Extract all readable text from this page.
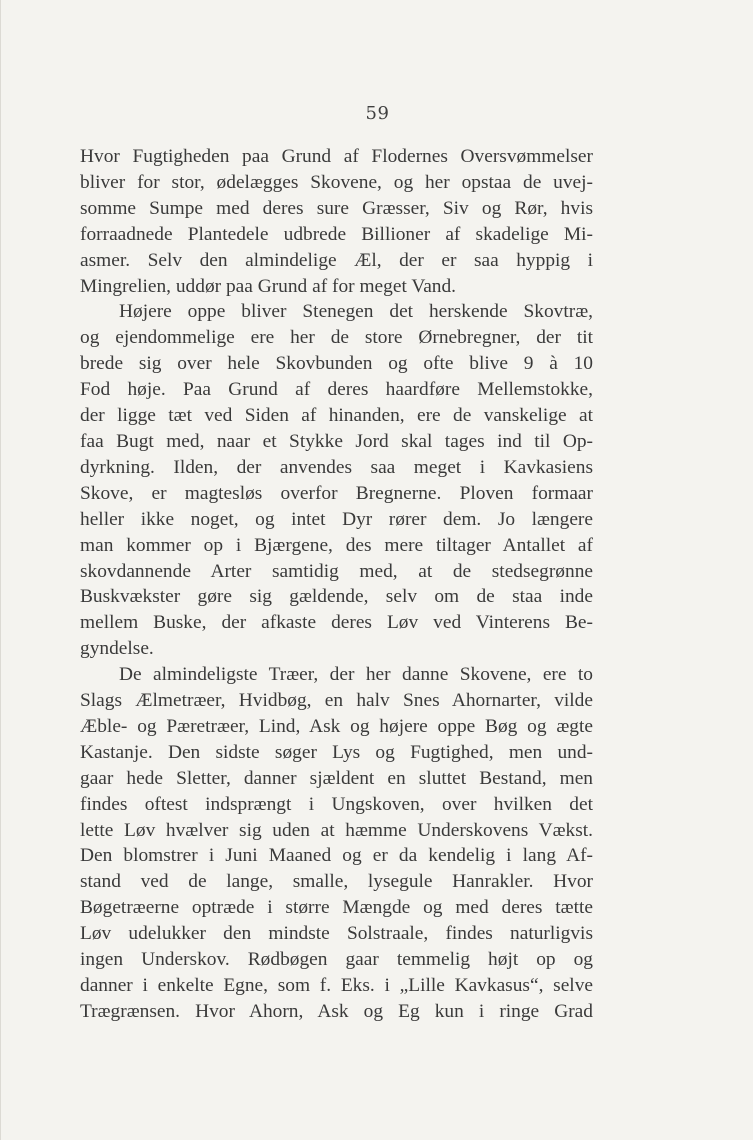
59
Hvor Fugtigheden paa Grund af Flodernes Oversvømmelser
bliver for stor, ødelægges Skovene, og her opstaa de uvej-
somme Sumpe med deres sure Græsser, Siv og Rør, hvis
forraadnede Plantedele udbrede Billioner af skadelige Mi-
asmer. Selv den almindelige Æl, der er saa hyppig i
Mingrelien, uddør paa Grund af for meget Vand.
Højere oppe bliver Stenegen det herskende Skovtræ,
og ejendommelige ere her de store Ørnebregner, der tit
brede sig over hele Skovbunden og ofte blive 9 à 10
Fod høje. Paa Grund af deres haardføre Mellemstokke,
der ligge tæt ved Siden af hinanden, ere de vanskelige at
faa Bugt med, naar et Stykke Jord skal tages ind til Op-
dyrkning. Ilden, der anvendes saa meget i Kavkasiens
Skove, er magtesløs overfor Bregnerne. Ploven formaar
heller ikke noget, og intet Dyr rører dem. Jo længere
man kommer op i Bjærgene, des mere tiltager Antallet af
skovdannende Arter samtidig med, at de stedsegrønne
Buskvækster gøre sig gældende, selv om de staa inde
mellem Buske, der afkaste deres Løv ved Vinterens Be-
gyndelse.
De almindeligste Træer, der her danne Skovene, ere to
Slags Ælmetræer, Hvidbøg, en halv Snes Ahornarter, vilde
Æble- og Pæretræer, Lind, Ask og højere oppe Bøg og ægte
Kastanje. Den sidste søger Lys og Fugtighed, men und-
gaar hede Sletter, danner sjældent en sluttet Bestand, men
findes oftest indsprængt i Ungskoven, over hvilken det
lette Løv hvælver sig uden at hæmme Underskovens Vækst.
Den blomstrer i Juni Maaned og er da kendelig i lang Af-
stand ved de lange, smalle, lysegule Hanrakler. Hvor
Bøgetræerne optræde i større Mængde og med deres tætte
Løv udelukker den mindste Solstraale, findes naturligvis
ingen Underskov. Rødbøgen gaar temmelig højt op og
danner i enkelte Egne, som f. Eks. i „Lille Kavkasus“, selve
Trægrænsen. Hvor Ahorn, Ask og Eg kun i ringe Grad
